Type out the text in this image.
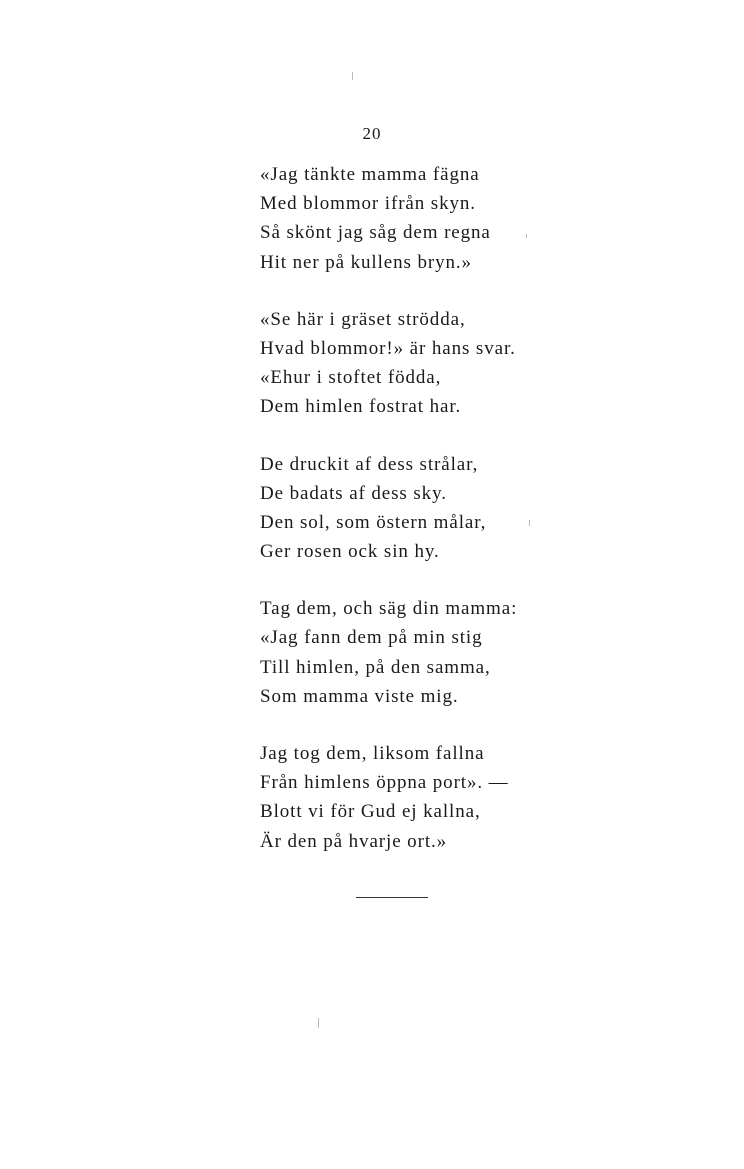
20
«Jag tänkte mamma fägna
Med blommor ifrån skyn.
Så skönt jag såg dem regna
Hit ner på kullens bryn.»
«Se här i gräset strödda,
Hvad blommor!» är hans svar.
«Ehur i stoftet födda,
Dem himlen fostrat har.
De druckit af dess strålar,
De badats af dess sky.
Den sol, som östern målar,
Ger rosen ock sin hy.
Tag dem, och säg din mamma:
«Jag fann dem på min stig
Till himlen, på den samma,
Som mamma viste mig.
Jag tog dem, liksom fallna
Från himlens öppna port». —
Blott vi för Gud ej kallna,
Är den på hvarje ort.»
